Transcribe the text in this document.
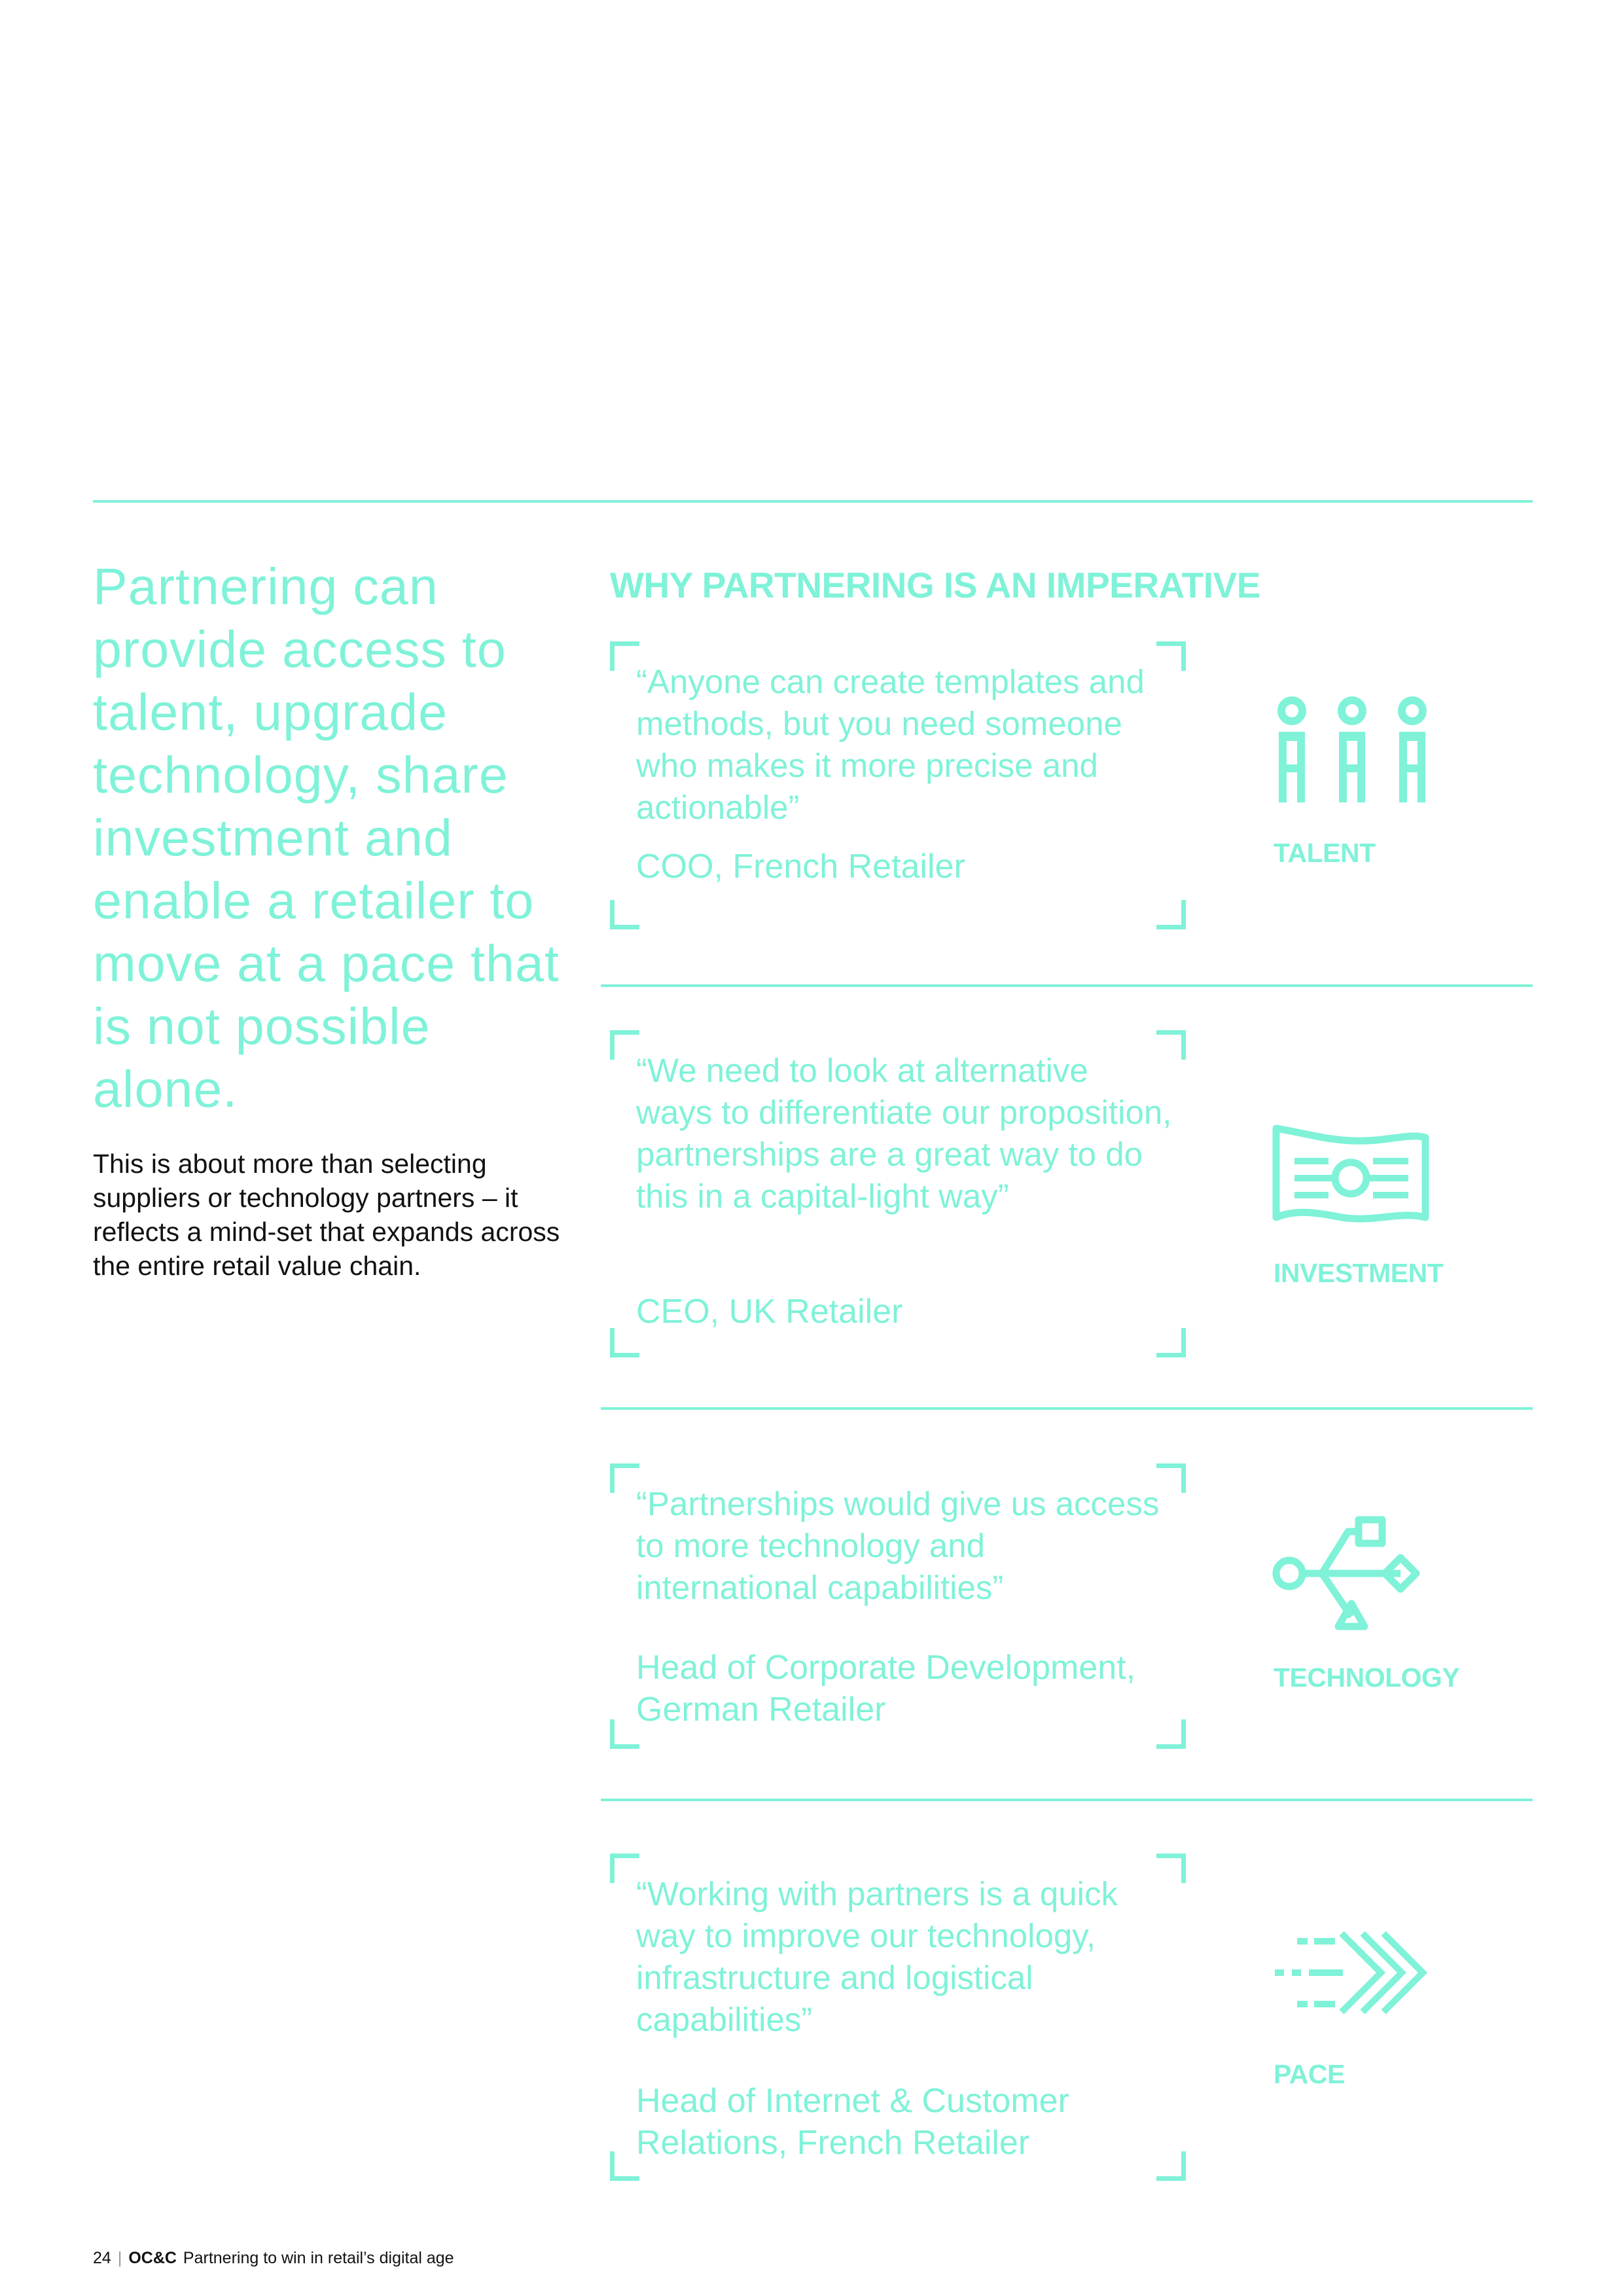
Partnering can provide access to talent, upgrade technology, share investment and enable a retailer to move at a pace that is not possible alone.
This is about more than selecting suppliers or technology partners – it reflects a mind-set that expands across the entire retail value chain.
WHY PARTNERING IS AN IMPERATIVE
“Anyone can create templates and methods, but you need someone who makes it more precise and actionable”
COO, French Retailer	TALENT
“We need to look at alternative ways to differentiate our proposition, partnerships are a great way to do this in a capital-light way”
CEO, UK Retailer
INVESTMENT
“Partnerships would give us access to more technology and international capabilities”
Head of Corporate Development, German Retailer
TECHNOLOGY
“Working with partners is a quick way to improve our technology, infrastructure and logistical capabilities”
Head of Internet & Customer Relations, French Retailer
PACE
24 | OC&C Partnering to win in retail’s digital age
